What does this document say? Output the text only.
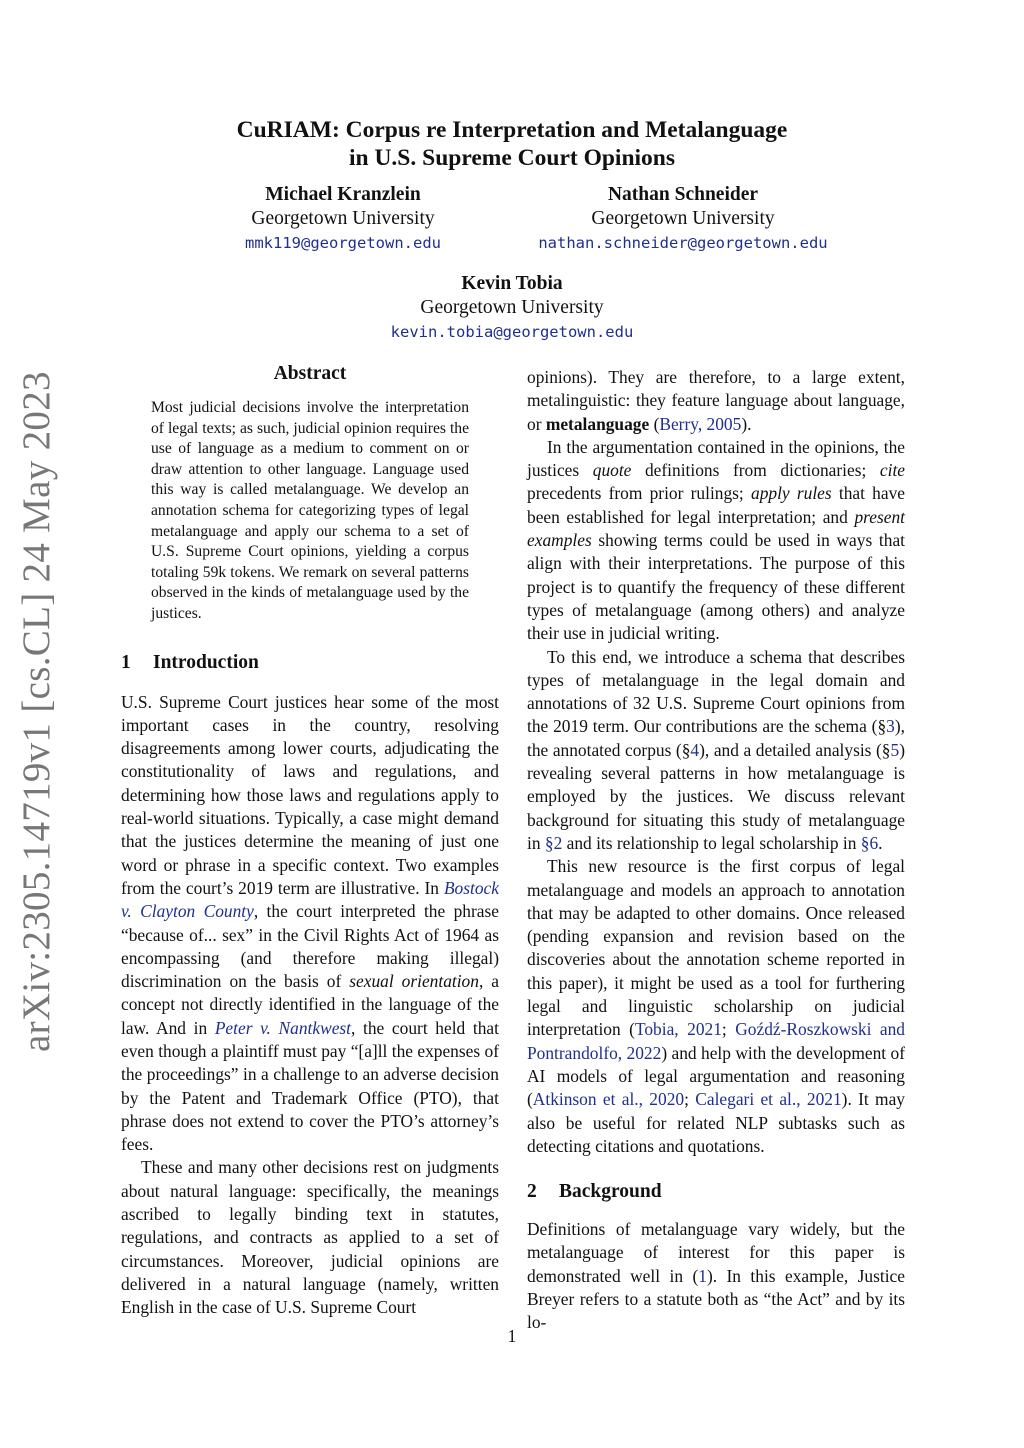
CuRIAM: Corpus re Interpretation and Metalanguage
in U.S. Supreme Court Opinions
Michael Kranzlein
Georgetown University
mmk119@georgetown.edu
Nathan Schneider
Georgetown University
nathan.schneider@georgetown.edu
Kevin Tobia
Georgetown University
kevin.tobia@georgetown.edu
arXiv:2305.14719v1 [cs.CL] 24 May 2023	Abstract
Most judicial decisions involve the interpretation of legal texts; as such, judicial opinion requires the use of language as a medium to comment on or draw attention to other language. Language used this way is called metalanguage. We develop an annotation schema for categorizing types of legal metalanguage and apply our schema to a set of U.S. Supreme Court opinions, yielding a corpus totaling 59k tokens. We remark on several patterns observed in the kinds of metalanguage used by the justices.
1 Introduction

U.S. Supreme Court justices hear some of the most important cases in the country, resolving disagreements among lower courts, adjudicating the constitutionality of laws and regulations, and determining how those laws and regulations apply to real-world situations. Typically, a case might demand that the justices determine the meaning of just one word or phrase in a specific context. Two examples from the court’s 2019 term are illustrative. In Bostock v. Clayton County, the court interpreted the phrase “because of... sex” in the Civil Rights Act of 1964 as encompassing (and therefore making illegal) discrimination on the basis of sexual orientation, a concept not directly identified in the language of the law. And in Peter v. Nantkwest, the court held that even though a plaintiff must pay “[a]ll the expenses of the proceedings” in a challenge to an adverse decision by the Patent and Trademark Office (PTO), that phrase does not extend to cover the PTO’s attorney’s fees.

These and many other decisions rest on judgments about natural language: specifically, the meanings ascribed to legally binding text in statutes, regulations, and contracts as applied to a set of circumstances. Moreover, judicial opinions are delivered in a natural language (namely, written English in the case of U.S. Supreme Court

opinions). They are therefore, to a large extent, metalinguistic: they feature language about language, or metalanguage (Berry, 2005).

In the argumentation contained in the opinions, the justices quote definitions from dictionaries; cite precedents from prior rulings; apply rules that have been established for legal interpretation; and present examples showing terms could be used in ways that align with their interpretations. The purpose of this project is to quantify the frequency of these different types of metalanguage (among others) and analyze their use in judicial writing.

To this end, we introduce a schema that describes types of metalanguage in the legal domain and annotations of 32 U.S. Supreme Court opinions from the 2019 term. Our contributions are the schema (§3), the annotated corpus (§4), and a detailed analysis (§5) revealing several patterns in how metalanguage is employed by the justices. We discuss relevant background for situating this study of metalanguage in §2 and its relationship to legal scholarship in §6.

This new resource is the first corpus of legal metalanguage and models an approach to annotation that may be adapted to other domains. Once released (pending expansion and revision based on the discoveries about the annotation scheme reported in this paper), it might be used as a tool for furthering legal and linguistic scholarship on judicial interpretation (Tobia, 2021; Goźdź-Roszkowski and Pontrandolfo, 2022) and help with the development of AI models of legal argumentation and reasoning (Atkinson et al., 2020; Calegari et al., 2021). It may also be useful for related NLP subtasks such as detecting citations and quotations.

2 Background

Definitions of metalanguage vary widely, but the metalanguage of interest for this paper is demonstrated well in (1). In this example, Justice Breyer refers to a statute both as “the Act” and by its lo-

1
